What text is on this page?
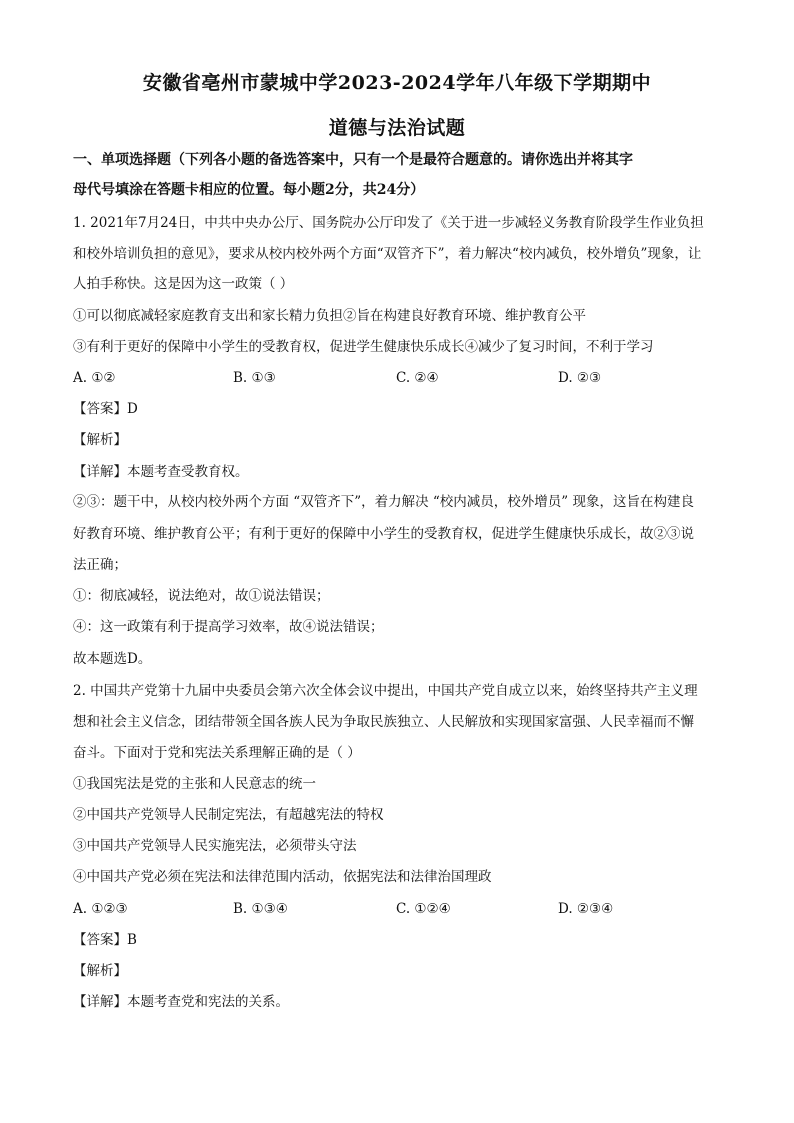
安徽省亳州市蒙城中学2023-2024学年八年级下学期期中
道德与法治试题
一、单项选择题（下列各小题的备选答案中，只有一个是最符合题意的。请你选出并将其字
母代号填涂在答题卡相应的位置。每小题2分，共24分）
1. 2021年7月24日，中共中央办公厅、国务院办公厅印发了《关于进一步减轻义务教育阶段学生作业负担
和校外培训负担的意见》，要求从校内校外两个方面“双管齐下”，着力解决“校内减负，校外增负”现象，让
人拍手称快。这是因为这一政策（ ）
①可以彻底减轻家庭教育支出和家长精力负担②旨在构建良好教育环境、维护教育公平
③有利于更好的保障中小学生的受教育权，促进学生健康快乐成长④减少了复习时间，不利于学习
A. ①②	B. ①③	C. ②④	D. ②③
【答案】D
【解析】
【详解】本题考查受教育权。
②③：题干中，从校内校外两个方面 “双管齐下”，着力解决 “校内减员，校外增员” 现象，这旨在构建良
好教育环境、维护教育公平；有利于更好的保障中小学生的受教育权，促进学生健康快乐成长，故②③说
法正确；
①：彻底减轻，说法绝对，故①说法错误；
④：这一政策有利于提高学习效率，故④说法错误；
故本题选D。
2. 中国共产党第十九届中央委员会第六次全体会议中提出，中国共产党自成立以来，始终坚持共产主义理
想和社会主义信念，团结带领全国各族人民为争取民族独立、人民解放和实现国家富强、人民幸福而不懈
奋斗。下面对于党和宪法关系理解正确的是（ ）
①我国宪法是党的主张和人民意志的统一
②中国共产党领导人民制定宪法，有超越宪法的特权
③中国共产党领导人民实施宪法，必须带头守法
④中国共产党必须在宪法和法律范围内活动，依据宪法和法律治国理政
A. ①②③	B. ①③④	C. ①②④	D. ②③④
【答案】B
【解析】
【详解】本题考查党和宪法的关系。
